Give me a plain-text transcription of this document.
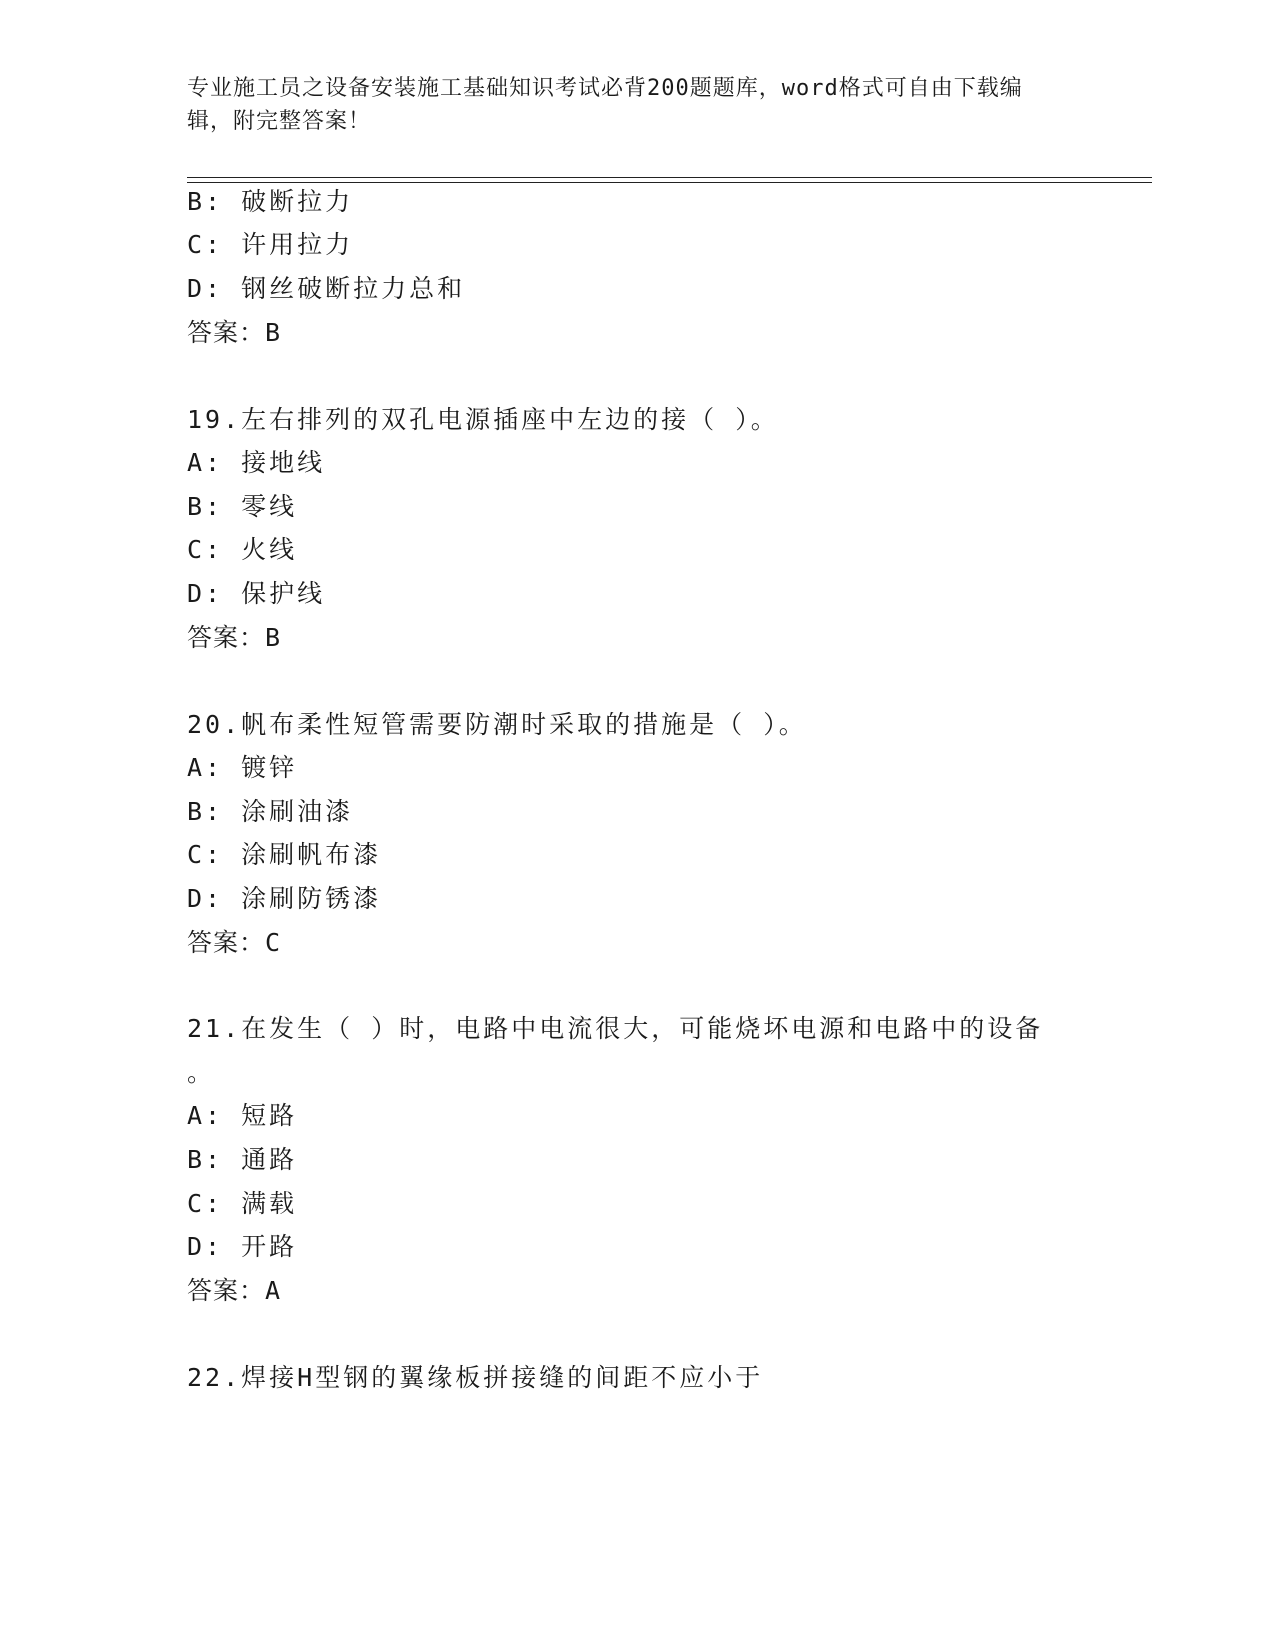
专业施工员之设备安装施工基础知识考试必背200题题库，word格式可自由下载编辑，附完整答案！
B: 破断拉力
C: 许用拉力
D: 钢丝破断拉力总和
答案：B
19.左右排列的双孔电源插座中左边的接（ ）。
A: 接地线
B: 零线
C: 火线
D: 保护线
答案：B
20.帆布柔性短管需要防潮时采取的措施是（ ）。
A: 镀锌
B: 涂刷油漆
C: 涂刷帆布漆
D: 涂刷防锈漆
答案：C
21.在发生（ ）时，电路中电流很大，可能烧坏电源和电路中的设备
。
A: 短路
B: 通路
C: 满载
D: 开路
答案：A
22.焊接H型钢的翼缘板拼接缝的间距不应小于
